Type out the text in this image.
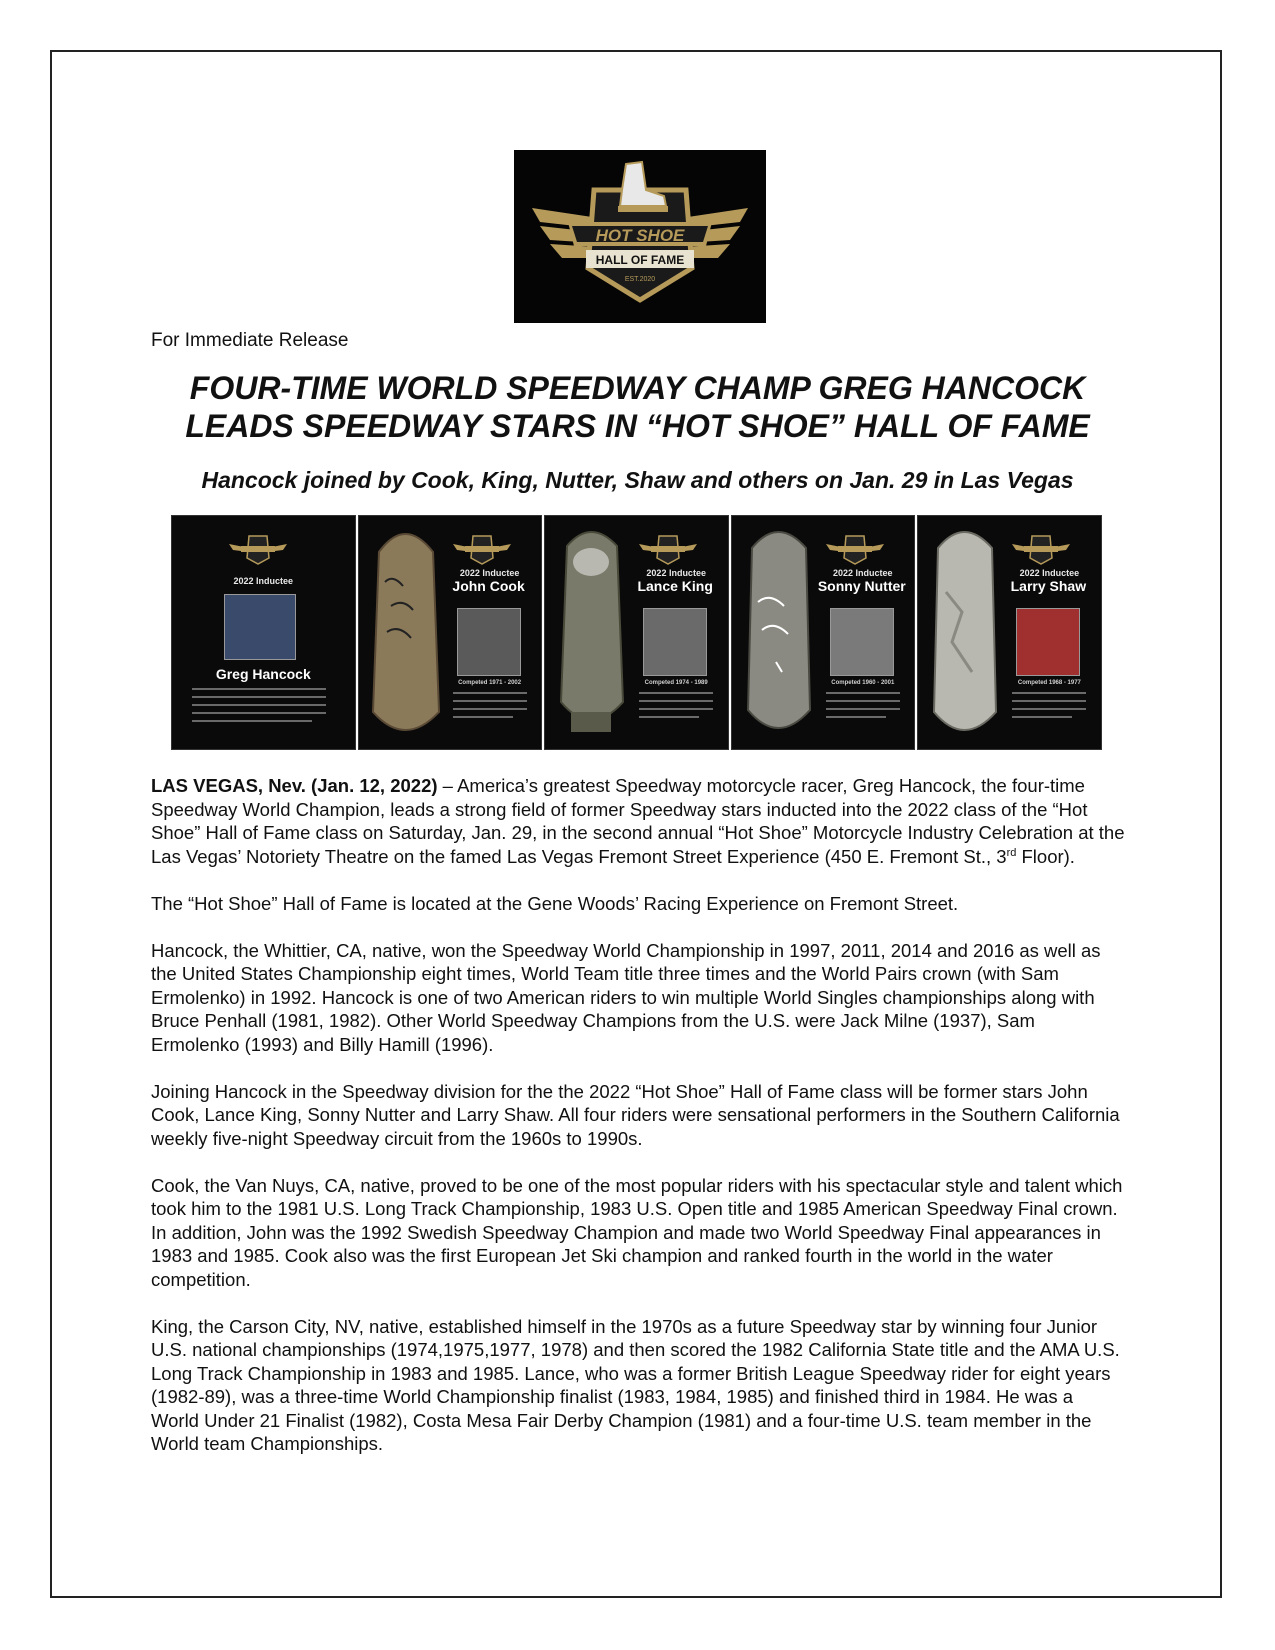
HOT SHOE
HALL OF FAME
EST.2020
For Immediate Release
FOUR-TIME WORLD SPEEDWAY CHAMP GREG HANCOCK
LEADS SPEEDWAY STARS IN “HOT SHOE” HALL OF FAME
Hancock joined by Cook, King, Nutter, Shaw and others on Jan. 29 in Las Vegas
2022 Inductee
Greg Hancock
2022 Inductee
John Cook
Competed 1971 - 2002
2022 Inductee
Lance King
Competed 1974 - 1989
2022 Inductee
Sonny Nutter
Competed 1960 - 2001
2022 Inductee
Larry Shaw
Competed 1968 - 1977

LAS VEGAS, Nev. (Jan. 12, 2022) – America’s greatest Speedway motorcycle racer, Greg Hancock, the four-time Speedway World Champion, leads a strong field of former Speedway stars inducted into the 2022 class of the “Hot Shoe” Hall of Fame class on Saturday, Jan. 29, in the second annual “Hot Shoe” Motorcycle Industry Celebration at the Las Vegas’ Notoriety Theatre on the famed Las Vegas Fremont Street Experience (450 E. Fremont St., 3rd Floor).

The “Hot Shoe” Hall of Fame is located at the Gene Woods’ Racing Experience on Fremont Street.

Hancock, the Whittier, CA, native, won the Speedway World Championship in 1997, 2011, 2014 and 2016 as well as the United States Championship eight times, World Team title three times and the World Pairs crown (with Sam Ermolenko) in 1992. Hancock is one of two American riders to win multiple World Singles championships along with Bruce Penhall (1981, 1982). Other World Speedway Champions from the U.S. were Jack Milne (1937), Sam Ermolenko (1993) and Billy Hamill (1996).

Joining Hancock in the Speedway division for the the 2022 “Hot Shoe” Hall of Fame class will be former stars John Cook, Lance King, Sonny Nutter and Larry Shaw. All four riders were sensational performers in the Southern California weekly five-night Speedway circuit from the 1960s to 1990s.

Cook, the Van Nuys, CA, native, proved to be one of the most popular riders with his spectacular style and talent which took him to the 1981 U.S. Long Track Championship, 1983 U.S. Open title and 1985 American Speedway Final crown. In addition, John was the 1992 Swedish Speedway Champion and made two World Speedway Final appearances in 1983 and 1985. Cook also was the first European Jet Ski champion and ranked fourth in the world in the water competition.

King, the Carson City, NV, native, established himself in the 1970s as a future Speedway star by winning four Junior U.S. national championships (1974,1975,1977, 1978) and then scored the 1982 California State title and the AMA U.S. Long Track Championship in 1983 and 1985. Lance, who was a former British League Speedway rider for eight years (1982-89), was a three-time World Championship finalist (1983, 1984, 1985) and finished third in 1984. He was a World Under 21 Finalist (1982), Costa Mesa Fair Derby Champion (1981) and a four-time U.S. team member in the World team Championships.
